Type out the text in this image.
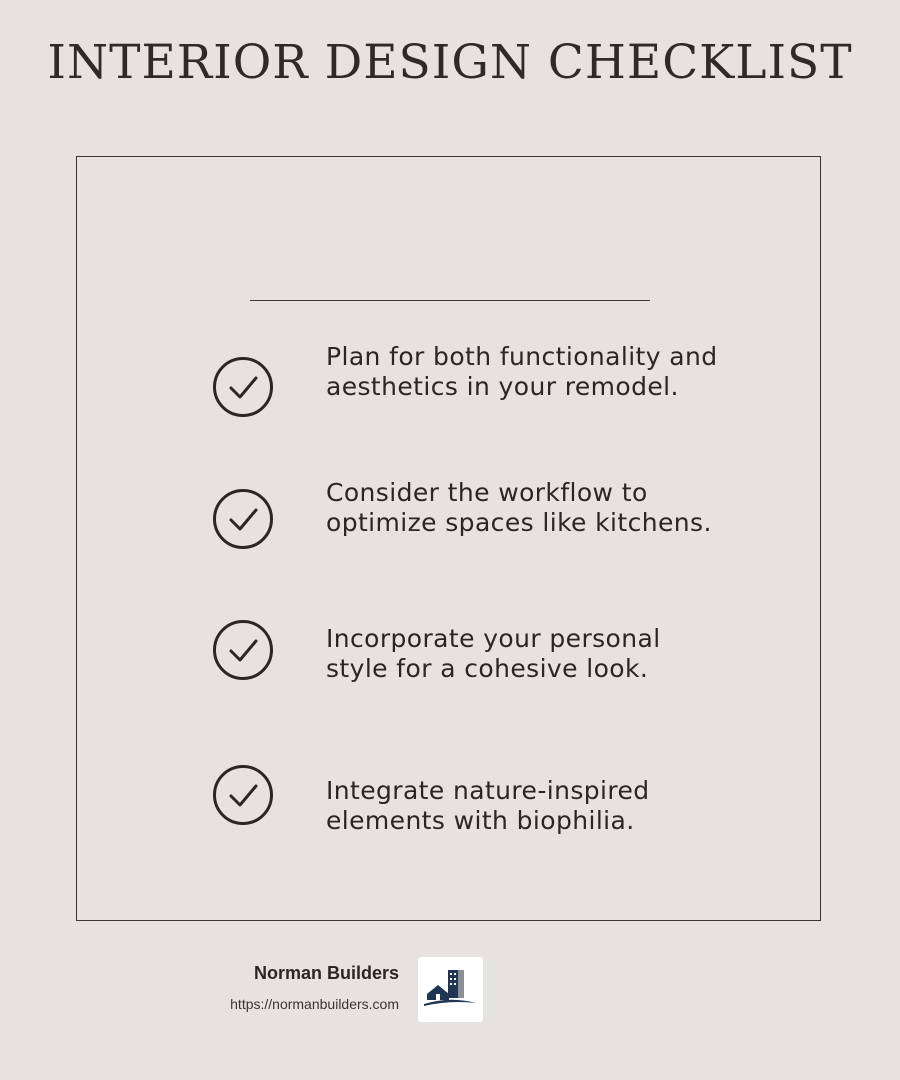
INTERIOR DESIGN CHECKLIST
Plan for both functionality and aesthetics in your remodel.
Consider the workflow to optimize spaces like kitchens.
Incorporate your personal style for a cohesive look.
Integrate nature-inspired elements with biophilia.
Norman Builders
https://normanbuilders.com
